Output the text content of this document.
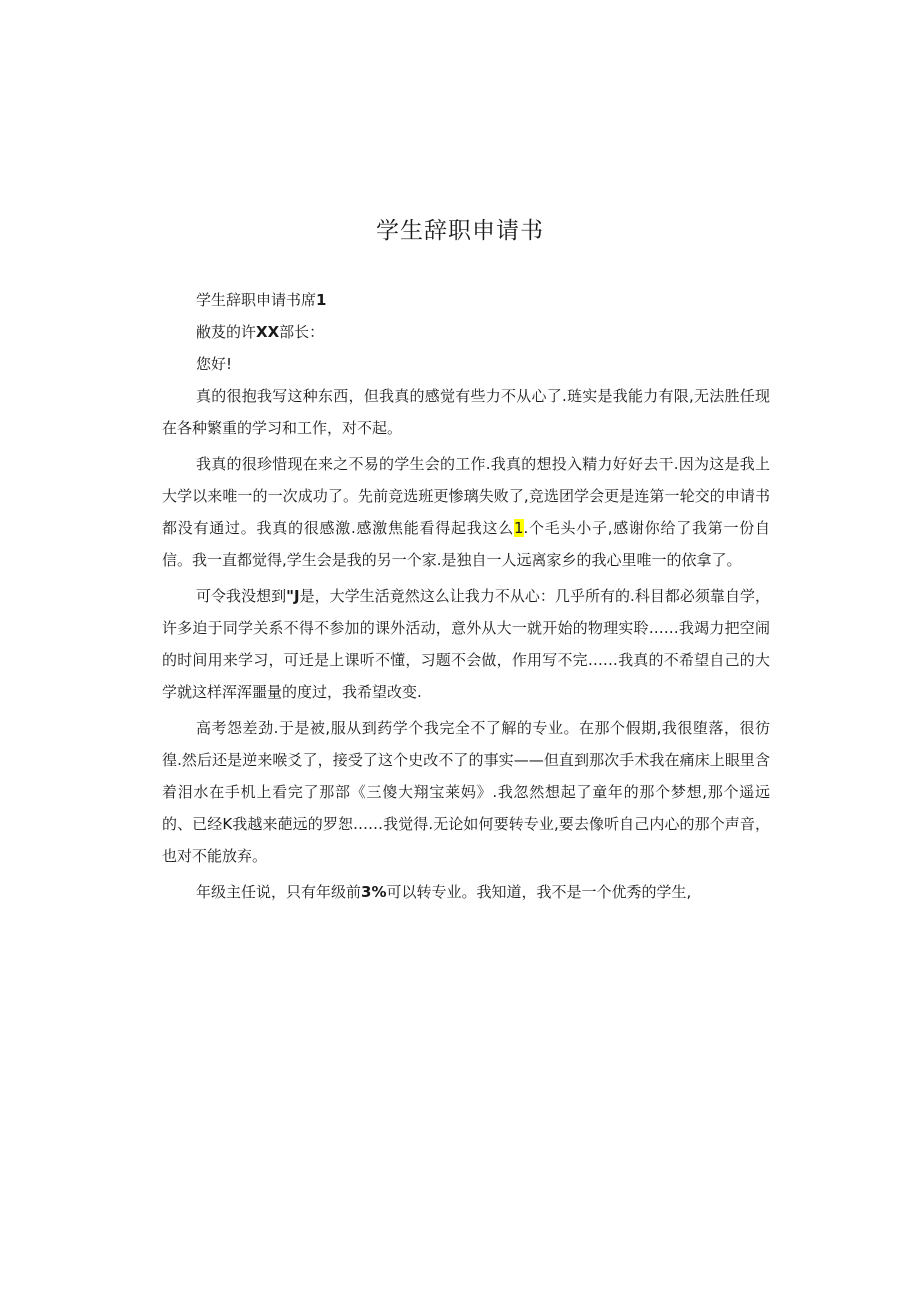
学生辞职申请书

学生辞职申请书席1

敝芨的许XX部长：

您好!

真的很抱我写这种东西，但我真的感觉有些力不从心了.琏实是我能力有限,无法胜任现在各种繁重的学习和工作，对不起。

我真的很珍惜现在来之不易的学生会的工作.我真的想投入精力好好去干.因为这是我上大学以来唯一的一次成功了。先前竞选班更惨璃失败了,竞选团学会更是连第一轮交的申请书都没有通过。我真的很感激.感激焦能看得起我这么1.个毛头小子,感谢你给了我第一份自信。我一直都觉得,学生会是我的另一个家.是独自一人远离家乡的我心里唯一的依拿了。

可令我没想到"J是，大学生活竟然这么让我力不从心：几乎所有的.科目都必须靠自学，许多迫于同学关系不得不参加的课外活动，意外从大一就开始的物理实聆……我竭力把空闹的时间用来学习，可迁是上课听不懂，习题不会做，作用写不完……我真的不希望自己的大学就这样浑浑噩量的度过，我希望改变.

高考怨差劲.于是被,服从到药学个我完全不了解的专业。在那个假期,我很堕落，很彷徨.然后还是逆来喉爻了，接受了这个史改不了的事实——但直到那次手术我在痛床上眼里含着泪水在手机上看完了那部《三傻大翔宝莱妈》.我忽然想起了童年的那个梦想,那个遥远的、已经K我越来葩远的罗恕……我觉得.无论如何要转专业,要去像听自己内心的那个声音，也对不能放弃。

年级主任说，只有年级前3%可以转专业。我知道，我不是一个优秀的学生,
